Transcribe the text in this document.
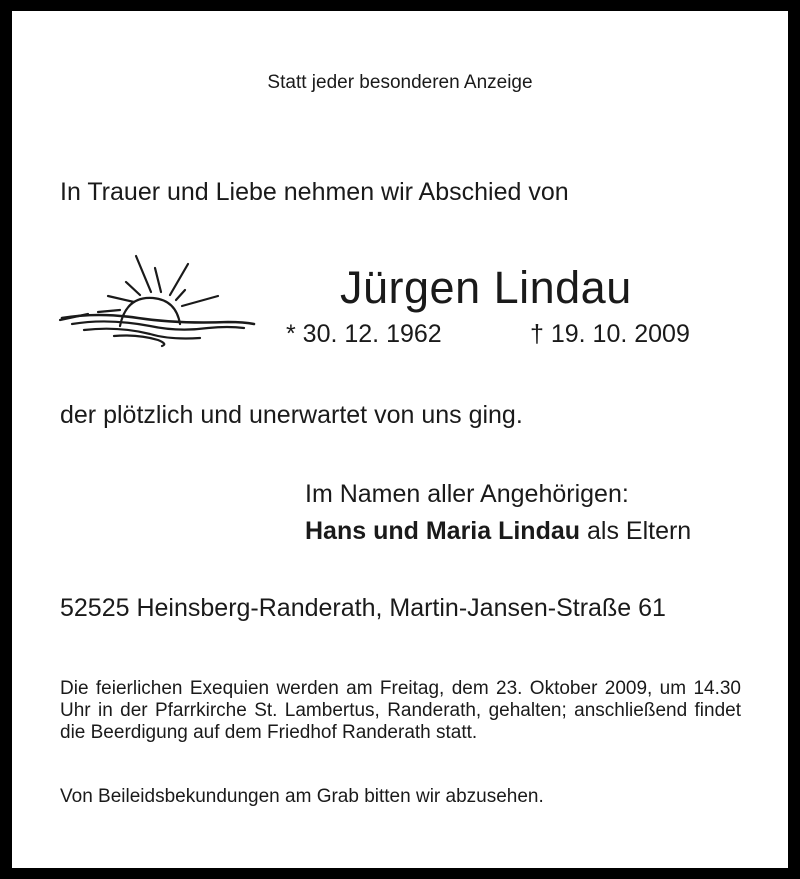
Statt jeder besonderen Anzeige
In Trauer und Liebe nehmen wir Abschied von
Jürgen Lindau
* 30. 12. 1962	† 19. 10. 2009
der plötzlich und unerwartet von uns ging.
Im Namen aller Angehörigen:
Hans und Maria Lindau als Eltern
52525 Heinsberg-Randerath, Martin-Jansen-Straße 61
Die feierlichen Exequien werden am Freitag, dem 23. Oktober 2009, um 14.30 Uhr in der Pfarrkirche St. Lambertus, Randerath, gehalten; anschließend findet die Beerdigung auf dem Friedhof Randerath statt.
Von Beileidsbekundungen am Grab bitten wir abzusehen.
